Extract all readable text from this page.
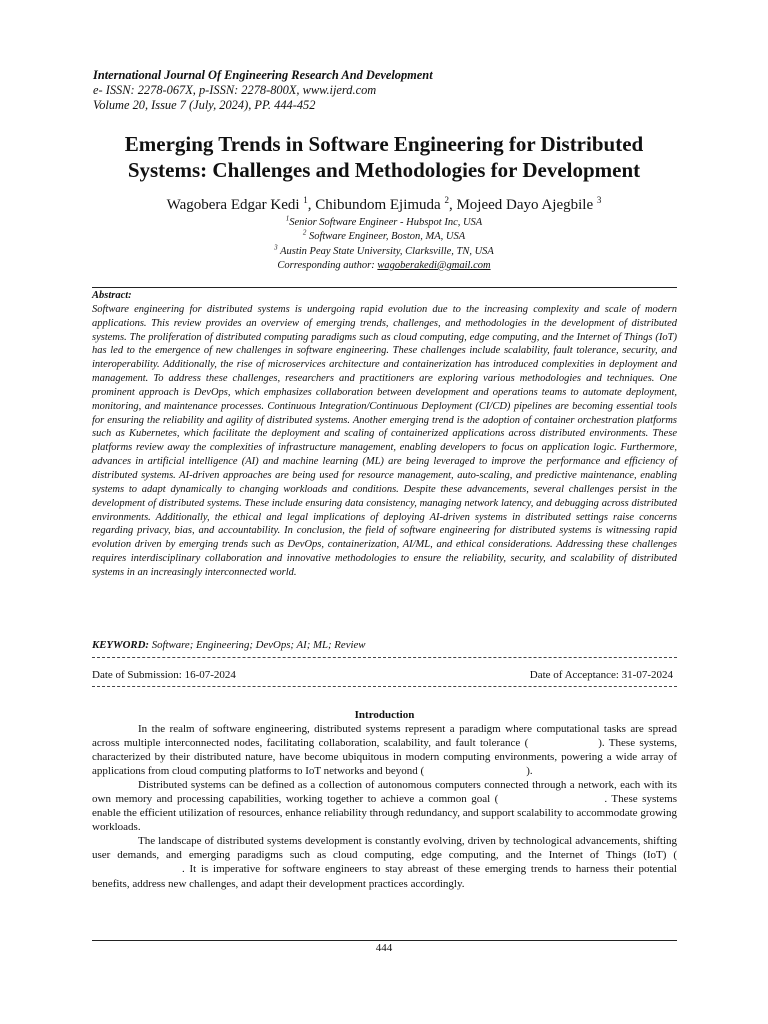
International Journal Of Engineering Research And Development
e- ISSN: 2278-067X, p-ISSN: 2278-800X, www.ijerd.com
Volume 20, Issue 7 (July, 2024), PP. 444-452
Emerging Trends in Software Engineering for Distributed
Systems: Challenges and Methodologies for Development
Wagobera Edgar Kedi $^1$, Chibundom Ejimuda $^2$, Mojeed Dayo Ajegbile $^3$
$^1$Senior Software Engineer - Hubspot Inc, USA
$^2$ Software Engineer, Boston, MA, USA
$^3$ Austin Peay State University, Clarksville, TN, USA
Corresponding author: wagoberakedi@gmail.com
Abstract:
Software engineering for distributed systems is undergoing rapid evolution due to the increasing complexity and scale of modern applications. This review provides an overview of emerging trends, challenges, and methodologies in the development of distributed systems. The proliferation of distributed computing paradigms such as cloud computing, edge computing, and the Internet of Things (IoT) has led to the emergence of new challenges in software engineering. These challenges include scalability, fault tolerance, security, and interoperability. Additionally, the rise of microservices architecture and containerization has introduced complexities in deployment and management. To address these challenges, researchers and practitioners are exploring various methodologies and techniques. One prominent approach is DevOps, which emphasizes collaboration between development and operations teams to automate deployment, monitoring, and maintenance processes. Continuous Integration/Continuous Deployment (CI/CD) pipelines are becoming essential tools for ensuring the reliability and agility of distributed systems. Another emerging trend is the adoption of container orchestration platforms such as Kubernetes, which facilitate the deployment and scaling of containerized applications across distributed environments. These platforms review away the complexities of infrastructure management, enabling developers to focus on application logic. Furthermore, advances in artificial intelligence (AI) and machine learning (ML) are being leveraged to improve the performance and efficiency of distributed systems. AI-driven approaches are being used for resource management, auto-scaling, and predictive maintenance, enabling systems to adapt dynamically to changing workloads and conditions. Despite these advancements, several challenges persist in the development of distributed systems. These include ensuring data consistency, managing network latency, and debugging across distributed environments. Additionally, the ethical and legal implications of deploying AI-driven systems in distributed settings raise concerns regarding privacy, bias, and accountability. In conclusion, the field of software engineering for distributed systems is witnessing rapid evolution driven by emerging trends such as DevOps, containerization, AI/ML, and ethical considerations. Addressing these challenges requires interdisciplinary collaboration and innovative methodologies to ensure the reliability, security, and scalability of distributed systems in an increasingly interconnected world.
KEYWORD: Software; Engineering; DevOps; AI; ML; Review
Date of Submission: 16-07-2024	Date of Acceptance: 31-07-2024
Introduction

In the realm of software engineering, distributed systems represent a paradigm where computational tasks are spread across multiple interconnected nodes, facilitating collaboration, scalability, and fault tolerance (	). These systems, characterized by their distributed nature, have become ubiquitous in modern computing environments, powering a wide array of applications from cloud computing platforms to IoT networks and beyond (	).

Distributed systems can be defined as a collection of autonomous computers connected through a network, each with its own memory and processing capabilities, working together to achieve a common goal (	. These systems enable the efficient utilization of resources, enhance reliability through redundancy, and support scalability to accommodate growing workloads.

The landscape of distributed systems development is constantly evolving, driven by technological advancements, shifting user demands, and emerging paradigms such as cloud computing, edge computing, and the Internet of Things (IoT) (. It is imperative for software engineers to stay abreast of these emerging trends to harness their potential benefits, address new challenges, and adapt their development practices accordingly.

444
